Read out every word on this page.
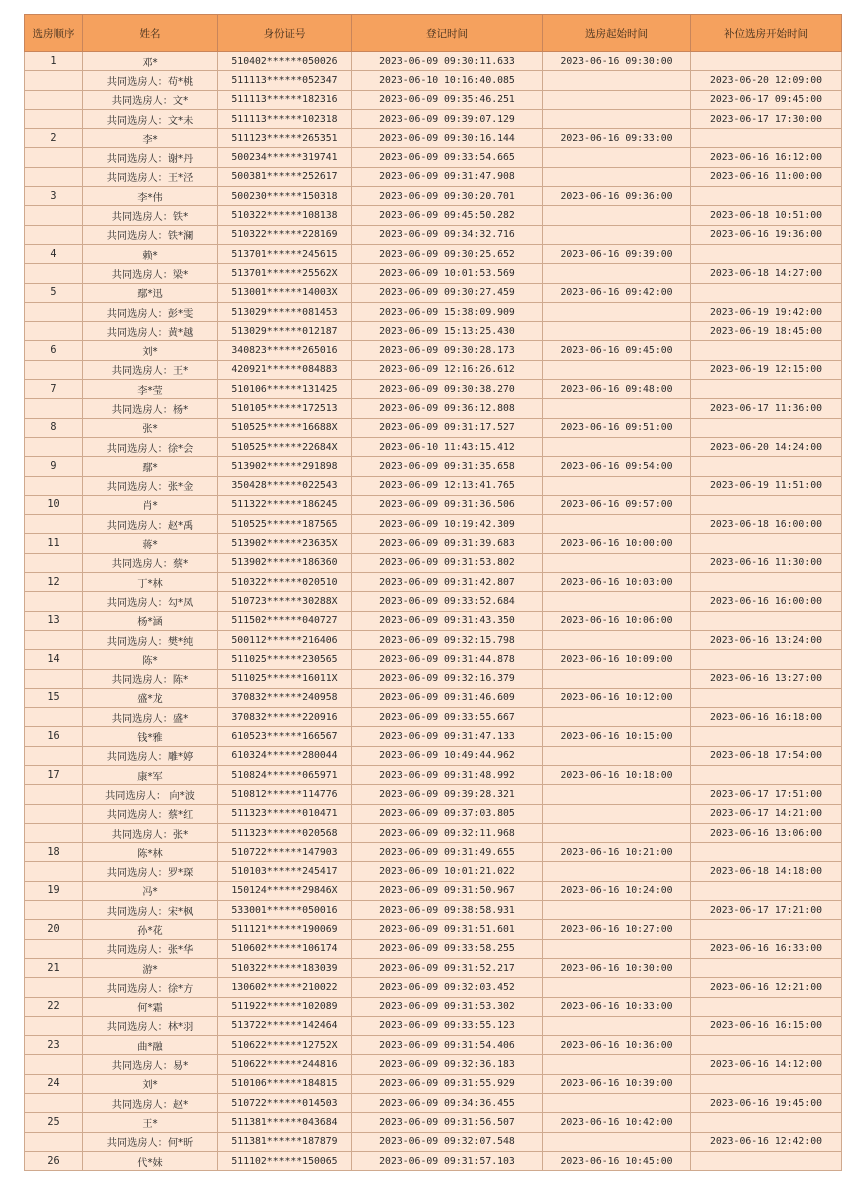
选房顺序	姓名	身份证号	登记时间	选房起始时间	补位选房开始时间
1	邓*	510402******050026	2023-06-09 09:30:11.633	2023-06-16 09:30:00	
	共同选房人：苟*桃	511113******052347	2023-06-10 10:16:40.085		2023-06-20 12:09:00
	共同选房人：文*	511113******182316	2023-06-09 09:35:46.251		2023-06-17 09:45:00
	共同选房人：文*未	511113******102318	2023-06-09 09:39:07.129		2023-06-17 17:30:00
2	李*	511123******265351	2023-06-09 09:30:16.144	2023-06-16 09:33:00	
	共同选房人：谢*丹	500234******319741	2023-06-09 09:33:54.665		2023-06-16 16:12:00
	共同选房人：王*泾	500381******252617	2023-06-09 09:31:47.908		2023-06-16 11:00:00
3	李*伟	500230******150318	2023-06-09 09:30:20.701	2023-06-16 09:36:00	
	共同选房人：铁*	510322******108138	2023-06-09 09:45:50.282		2023-06-18 10:51:00
	共同选房人：铁*澜	510322******228169	2023-06-09 09:34:32.716		2023-06-16 19:36:00
4	赖*	513701******245615	2023-06-09 09:30:25.652	2023-06-16 09:39:00	
	共同选房人：梁*	513701******25562X	2023-06-09 10:01:53.569		2023-06-18 14:27:00
5	鄢*迅	513001******14003X	2023-06-09 09:30:27.459	2023-06-16 09:42:00	
	共同选房人：彭*雯	513029******081453	2023-06-09 15:38:09.909		2023-06-19 19:42:00
	共同选房人：黄*越	513029******012187	2023-06-09 15:13:25.430		2023-06-19 18:45:00
6	刘*	340823******265016	2023-06-09 09:30:28.173	2023-06-16 09:45:00	
	共同选房人：王*	420921******084883	2023-06-09 12:16:26.612		2023-06-19 12:15:00
7	李*莹	510106******131425	2023-06-09 09:30:38.270	2023-06-16 09:48:00	
	共同选房人：杨*	510105******172513	2023-06-09 09:36:12.808		2023-06-17 11:36:00
8	张*	510525******16688X	2023-06-09 09:31:17.527	2023-06-16 09:51:00	
	共同选房人：徐*会	510525******22684X	2023-06-10 11:43:15.412		2023-06-20 14:24:00
9	鄢*	513902******291898	2023-06-09 09:31:35.658	2023-06-16 09:54:00	
	共同选房人：张*金	350428******022543	2023-06-09 12:13:41.765		2023-06-19 11:51:00
10	肖*	511322******186245	2023-06-09 09:31:36.506	2023-06-16 09:57:00	
	共同选房人：赵*禹	510525******187565	2023-06-09 10:19:42.309		2023-06-18 16:00:00
11	蒋*	513902******23635X	2023-06-09 09:31:39.683	2023-06-16 10:00:00	
	共同选房人：蔡*	513902******186360	2023-06-09 09:31:53.802		2023-06-16 11:30:00
12	丁*林	510322******020510	2023-06-09 09:31:42.807	2023-06-16 10:03:00	
	共同选房人：勾*凤	510723******30288X	2023-06-09 09:33:52.684		2023-06-16 16:00:00
13	杨*涵	511502******040727	2023-06-09 09:31:43.350	2023-06-16 10:06:00	
	共同选房人：樊*纯	500112******216406	2023-06-09 09:32:15.798		2023-06-16 13:24:00
14	陈*	511025******230565	2023-06-09 09:31:44.878	2023-06-16 10:09:00	
	共同选房人：陈*	511025******16011X	2023-06-09 09:32:16.379		2023-06-16 13:27:00
15	盛*龙	370832******240958	2023-06-09 09:31:46.609	2023-06-16 10:12:00	
	共同选房人：盛*	370832******220916	2023-06-09 09:33:55.667		2023-06-16 16:18:00
16	钱*雅	610523******166567	2023-06-09 09:31:47.133	2023-06-16 10:15:00	
	共同选房人：雕*婷	610324******280044	2023-06-09 10:49:44.962		2023-06-18 17:54:00
17	康*军	510824******065971	2023-06-09 09:31:48.992	2023-06-16 10:18:00	
	共同选房人： 向*波	510812******114776	2023-06-09 09:39:28.321		2023-06-17 17:51:00
	共同选房人：蔡*红	511323******010471	2023-06-09 09:37:03.805		2023-06-17 14:21:00
	共同选房人：张*	511323******020568	2023-06-09 09:32:11.968		2023-06-16 13:06:00
18	陈*林	510722******147903	2023-06-09 09:31:49.655	2023-06-16 10:21:00	
	共同选房人：罗*琛	510103******245417	2023-06-09 10:01:21.022		2023-06-18 14:18:00
19	冯*	150124******29846X	2023-06-09 09:31:50.967	2023-06-16 10:24:00	
	共同选房人：宋*枫	533001******050016	2023-06-09 09:38:58.931		2023-06-17 17:21:00
20	孙*花	511121******190069	2023-06-09 09:31:51.601	2023-06-16 10:27:00	
	共同选房人：张*华	510602******106174	2023-06-09 09:33:58.255		2023-06-16 16:33:00
21	游*	510322******183039	2023-06-09 09:31:52.217	2023-06-16 10:30:00	
	共同选房人：徐*方	130602******210022	2023-06-09 09:32:03.452		2023-06-16 12:21:00
22	何*霜	511922******102089	2023-06-09 09:31:53.302	2023-06-16 10:33:00	
	共同选房人：林*羽	513722******142464	2023-06-09 09:33:55.123		2023-06-16 16:15:00
23	曲*融	510622******12752X	2023-06-09 09:31:54.406	2023-06-16 10:36:00	
	共同选房人：易*	510622******244816	2023-06-09 09:32:36.183		2023-06-16 14:12:00
24	刘*	510106******184815	2023-06-09 09:31:55.929	2023-06-16 10:39:00	
	共同选房人：赵*	510722******014503	2023-06-09 09:34:36.455		2023-06-16 19:45:00
25	王*	511381******043684	2023-06-09 09:31:56.507	2023-06-16 10:42:00	
	共同选房人：何*昕	511381******187879	2023-06-09 09:32:07.548		2023-06-16 12:42:00
26	代*妹	511102******150065	2023-06-09 09:31:57.103	2023-06-16 10:45:00	
